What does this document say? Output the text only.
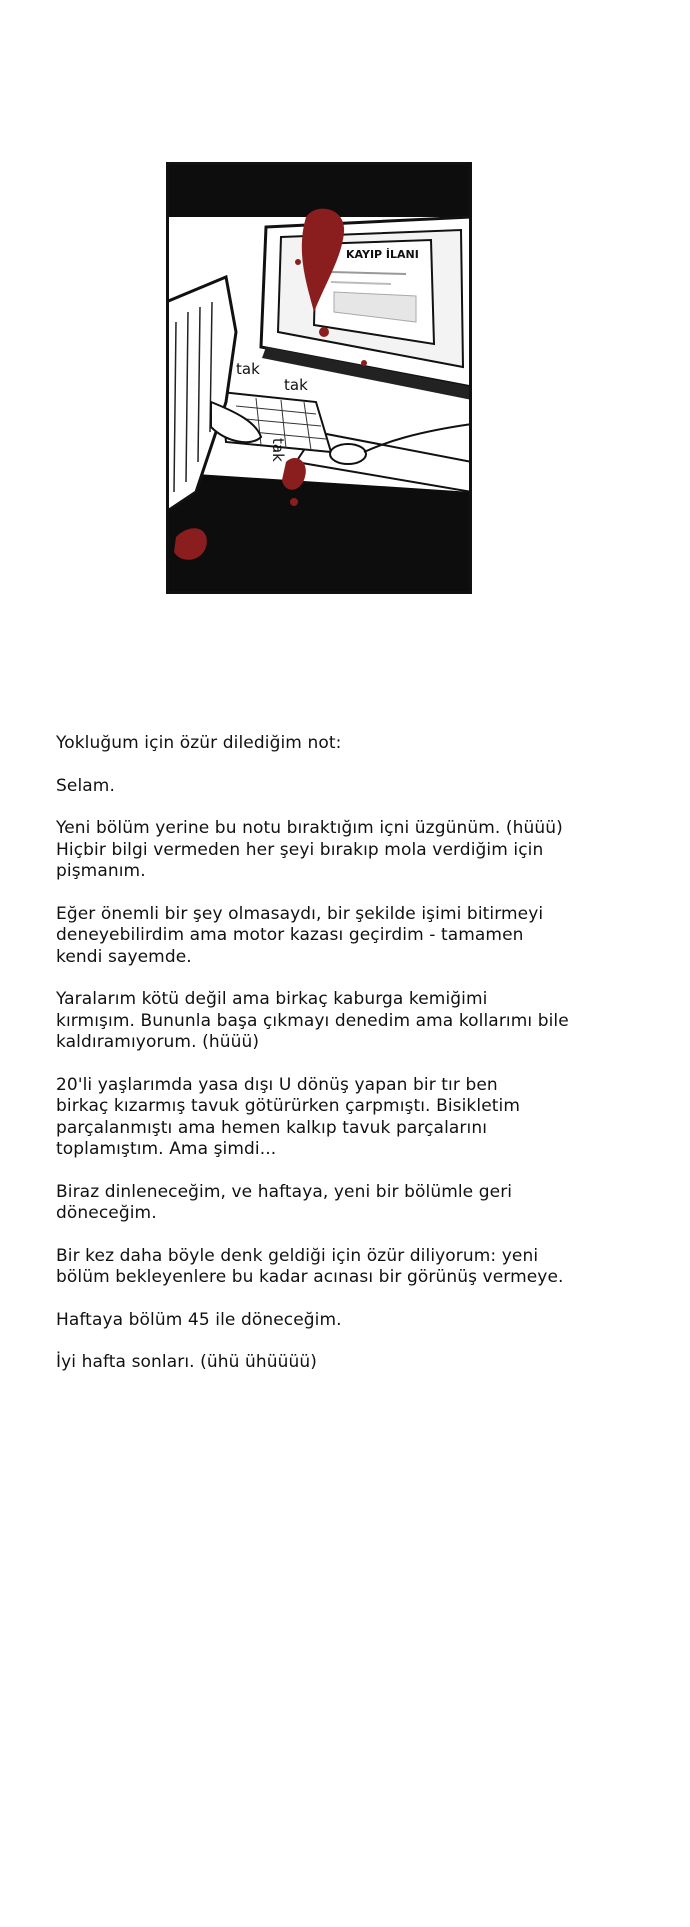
KAYIP İLANI
tak
tak
tak

Yokluğum için özür dilediğim not:

Selam.

Yeni bölüm yerine bu notu bıraktığım içni üzgünüm. (hüüü)
Hiçbir bilgi vermeden her şeyi bırakıp mola verdiğim için
pişmanım.

Eğer önemli bir şey olmasaydı, bir şekilde işimi bitirmeyi
deneyebilirdim ama motor kazası geçirdim - tamamen
kendi sayemde.

Yaralarım kötü değil ama birkaç kaburga kemiğimi
kırmışım. Bununla başa çıkmayı denedim ama kollarımı bile
kaldıramıyorum. (hüüü)

20'li yaşlarımda yasa dışı U dönüş yapan bir tır ben
birkaç kızarmış tavuk götürürken çarpmıştı. Bisikletim
parçalanmıştı ama hemen kalkıp tavuk parçalarını
toplamıştım. Ama şimdi...

Biraz dinleneceğim, ve haftaya, yeni bir bölümle geri
döneceğim.

Bir kez daha böyle denk geldiği için özür diliyorum: yeni
bölüm bekleyenlere bu kadar acınası bir görünüş vermeye.

Haftaya bölüm 45 ile döneceğim.

İyi hafta sonları. (ühü ühüüüü)
